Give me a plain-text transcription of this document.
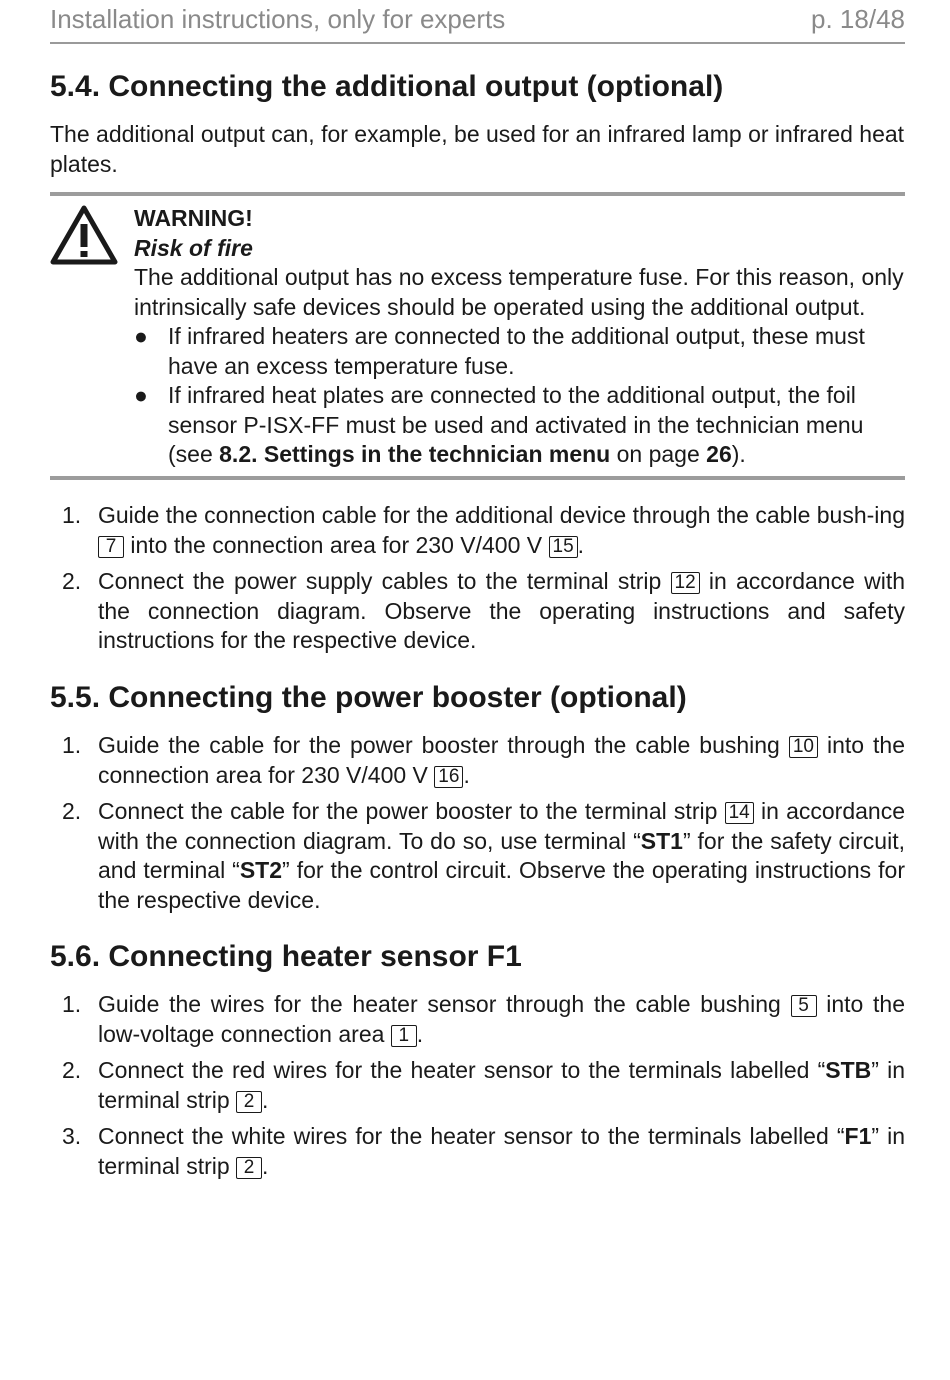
Installation instructions, only for experts	p. 18/48
5.4. Connecting the additional output (optional)

The additional output can, for example, be used for an infrared lamp or infrared heat plates.

WARNING!
Risk of fire
The additional output has no excess temperature fuse. For this reason, only intrinsically safe devices should be operated using the additional output.
● If infrared heaters are connected to the additional output, these must have an excess temperature fuse.
● If infrared heat plates are connected to the additional output, the foil sensor P-ISX-FF must be used and activated in the technician menu (see 8.2. Settings in the technician menu on page 26).
1. Guide the connection cable for the additional device through the cable bush-ing 7 into the connection area for 230 V/400 V 15 .
2. Connect the power supply cables to the terminal strip 12 in accordance with the connection diagram. Observe the operating instructions and safety instructions for the respective device.
5.5. Connecting the power booster (optional)
1. Guide the cable for the power booster through the cable bushing 10 into the connection area for 230 V/400 V 16 .
2. Connect the cable for the power booster to the terminal strip 14 in accordance with the connection diagram. To do so, use terminal “ST1” for the safety circuit, and terminal “ST2” for the control circuit. Observe the operating instructions for the respective device.
5.6. Connecting heater sensor F1
1. Guide the wires for the heater sensor through the cable bushing 5 into the low-voltage connection area 1 .
2. Connect the red wires for the heater sensor to the terminals labelled “STB” in terminal strip 2 .
3. Connect the white wires for the heater sensor to the terminals labelled “F1” in terminal strip 2 .
